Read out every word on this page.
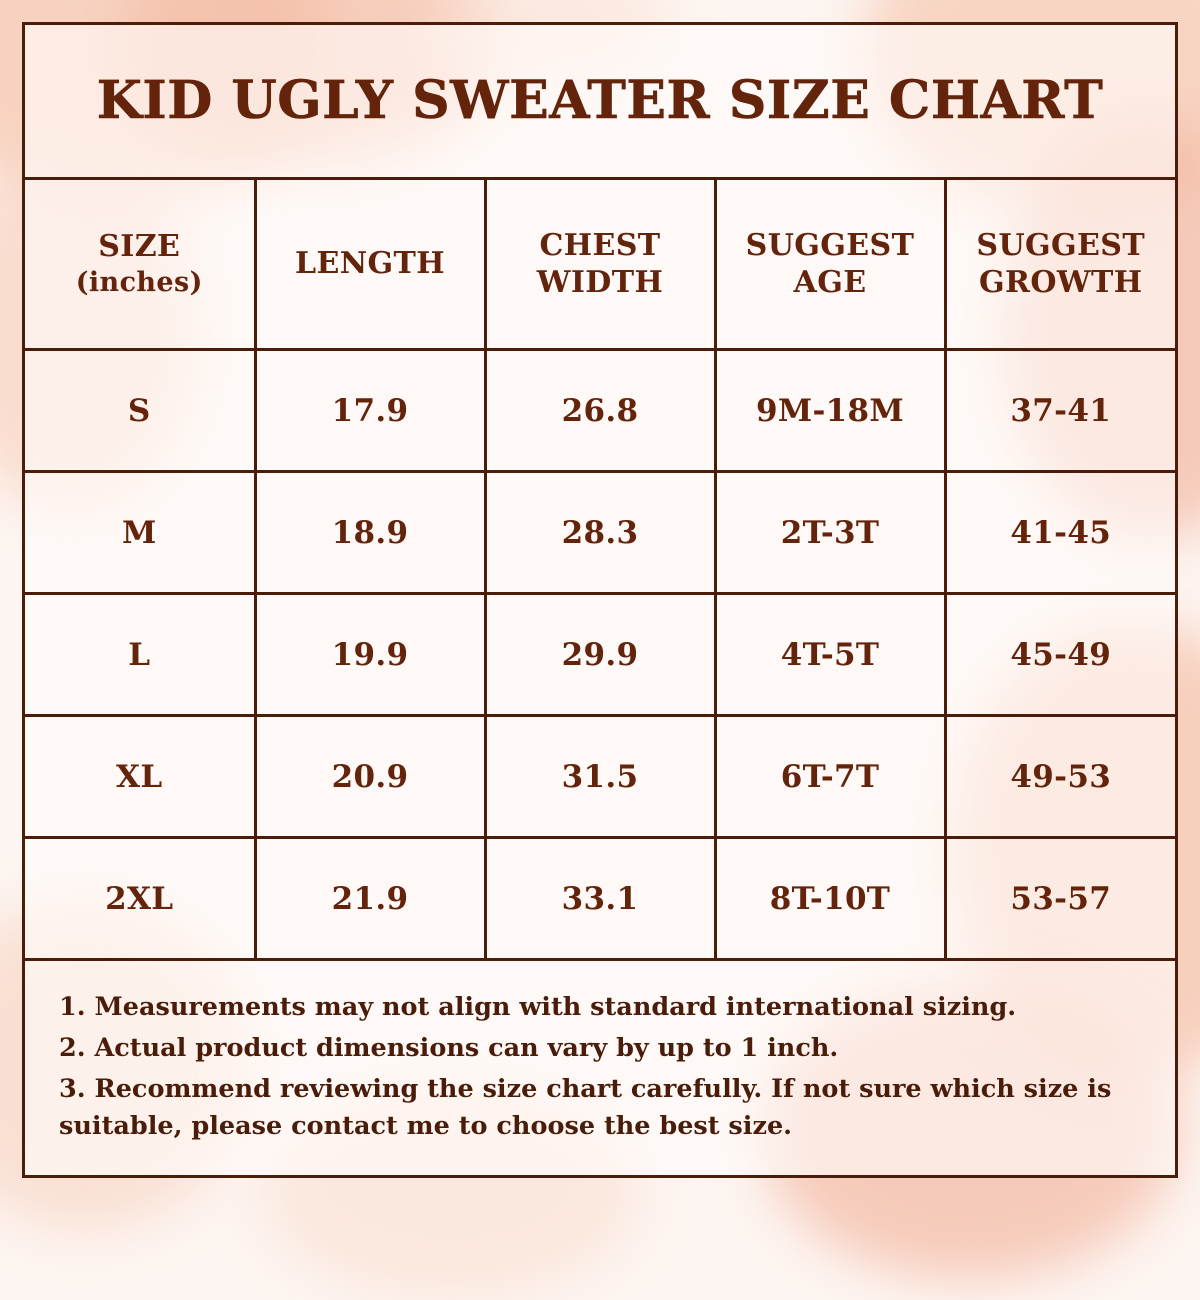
KID UGLY SWEATER SIZE CHART
SIZE
(inches)	LENGTH	CHEST WIDTH	SUGGEST AGE	SUGGEST GROWTH
S	17.9	26.8	9M-18M	37-41
M	18.9	28.3	2T-3T	41-45
L	19.9	29.9	4T-5T	45-49
XL	20.9	31.5	6T-7T	49-53
2XL	21.9	33.1	8T-10T	53-57

1. Measurements may not align with standard international sizing.

2. Actual product dimensions can vary by up to 1 inch.

3. Recommend reviewing the size chart carefully. If not sure which size is suitable, please contact me to choose the best size.
